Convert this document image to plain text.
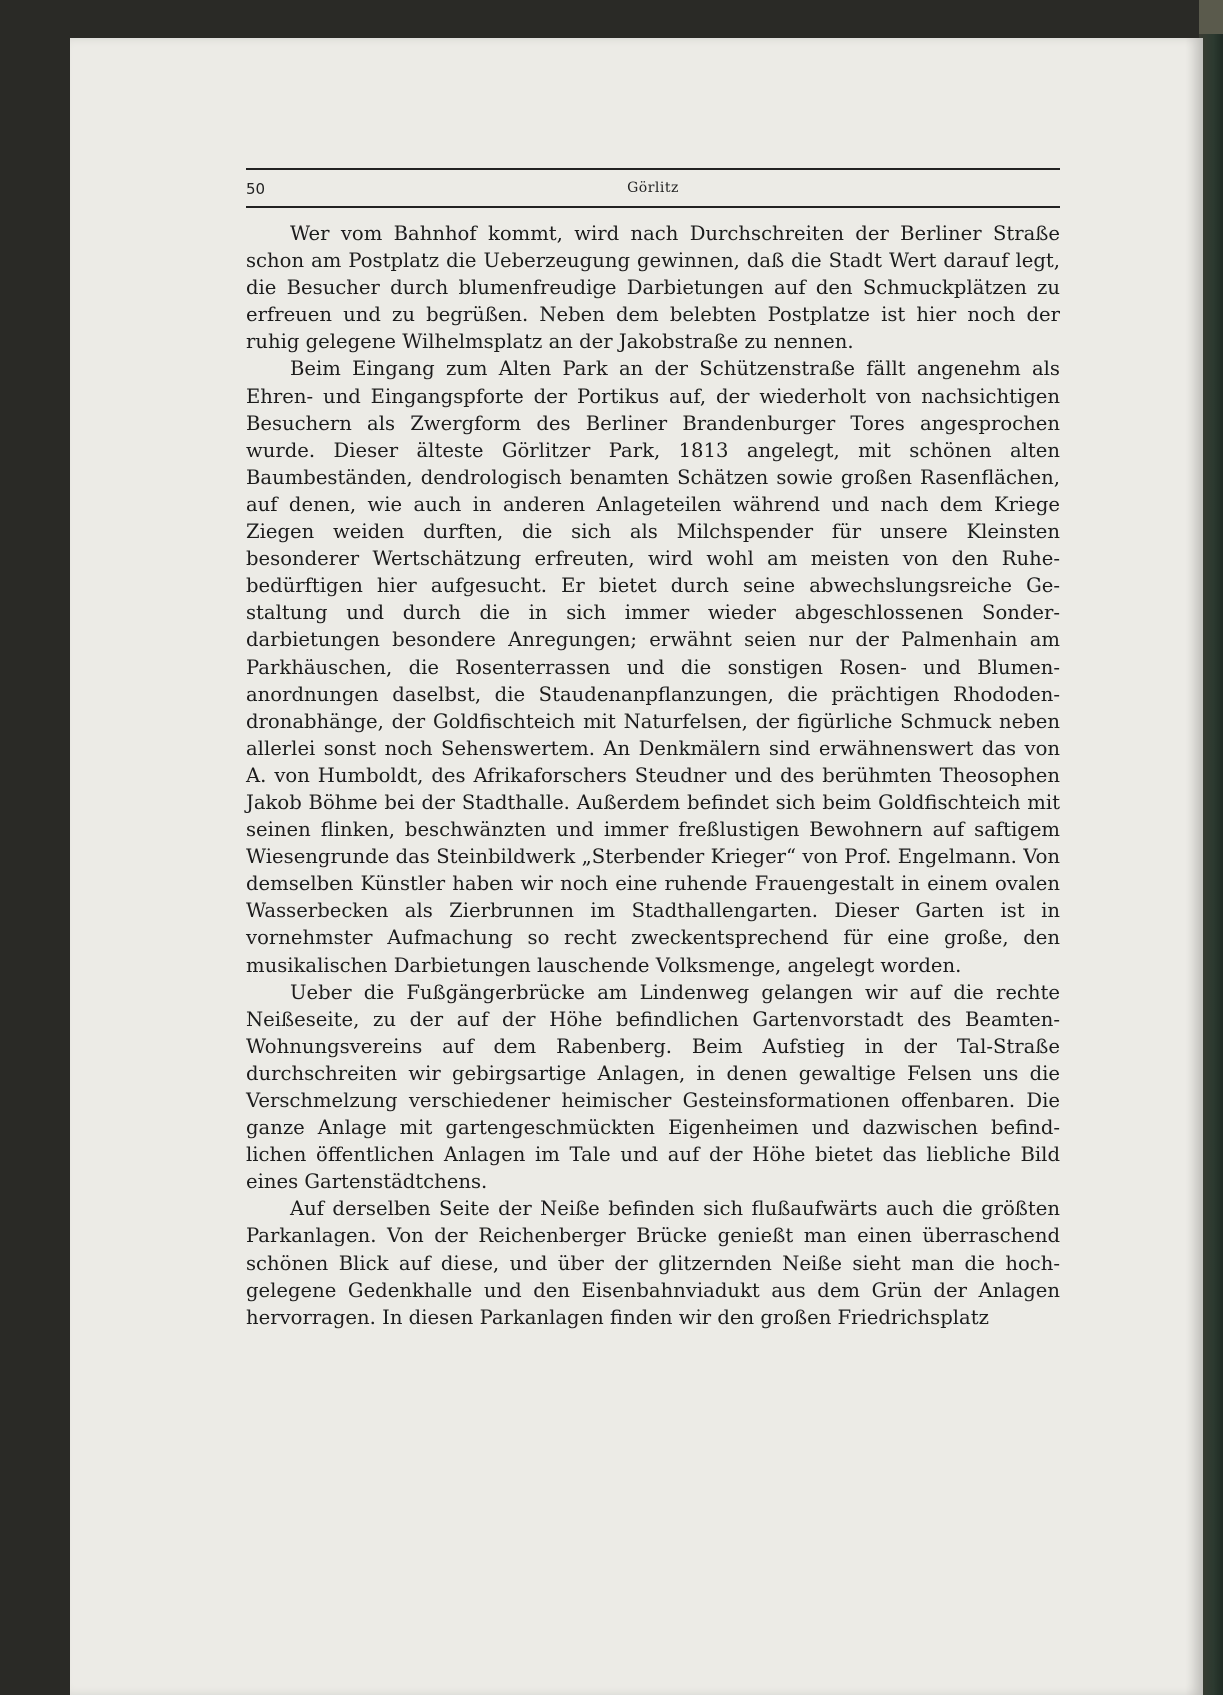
50	Görlitz

Wer vom Bahnhof kommt, wird nach Durchschreiten der Berliner Straße schon am Postplatz die Ueberzeugung gewinnen, daß die Stadt Wert darauf legt, die Besucher durch blumenfreudige Darbietungen auf den Schmuckplätzen zu erfreuen und zu begrüßen. Neben dem belebten Postplatze ist hier noch der ruhig gelegene Wilhelmsplatz an der Jakobstraße zu nennen.

Beim Eingang zum Alten Park an der Schützenstraße fällt angenehm als Ehren- und Eingangspforte der Portikus auf, der wiederholt von nachsichtigen Besuchern als Zwergform des Berliner Brandenburger Tores angesprochen wurde. Dieser älteste Görlitzer Park, 1813 angelegt, mit schönen alten Baumbeständen, dendrologisch benamten Schätzen sowie großen Rasenflächen, auf denen, wie auch in anderen Anlageteilen während und nach dem Kriege Ziegen weiden durften, die sich als Milchspender für unsere Kleinsten besonderer Wertschätzung erfreuten, wird wohl am meisten von den Ruhebedürftigen hier aufgesucht. Er bietet durch seine abwechslungsreiche Gestaltung und durch die in sich immer wieder abgeschlossenen Sonderdarbietungen besondere Anregungen; erwähnt seien nur der Palmenhain am Parkhäuschen, die Rosenterrassen und die sonstigen Rosen- und Blumenanordnungen daselbst, die Staudenanpflanzungen, die prächtigen Rhododendronabhänge, der Goldfischteich mit Naturfelsen, der figürliche Schmuck neben allerlei sonst noch Sehenswertem. An Denkmälern sind erwähnenswert das von A. von Humboldt, des Afrikaforschers Steudner und des berühmten Theosophen Jakob Böhme bei der Stadthalle. Außerdem befindet sich beim Goldfischteich mit seinen flinken, beschwänzten und immer freßlustigen Bewohnern auf saftigem Wiesengrunde das Steinbildwerk „Sterbender Krieger“ von Prof. Engelmann. Von demselben Künstler haben wir noch eine ruhende Frauengestalt in einem ovalen Wasserbecken als Zierbrunnen im Stadthallengarten. Dieser Garten ist in vornehmster Aufmachung so recht zweckentsprechend für eine große, den musikalischen Darbietungen lauschende Volksmenge, angelegt worden.

Ueber die Fußgängerbrücke am Lindenweg gelangen wir auf die rechte Neißeseite, zu der auf der Höhe befindlichen Gartenvorstadt des BeamtenWohnungsvereins auf dem Rabenberg. Beim Aufstieg in der Tal-Straße durchschreiten wir gebirgsartige Anlagen, in denen gewaltige Felsen uns die Verschmelzung verschiedener heimischer Gesteinsformationen offenbaren. Die ganze Anlage mit gartengeschmückten Eigenheimen und dazwischen befindlichen öffentlichen Anlagen im Tale und auf der Höhe bietet das liebliche Bild eines Gartenstädtchens.

Auf derselben Seite der Neiße befinden sich flußaufwärts auch die größten Parkanlagen. Von der Reichenberger Brücke genießt man einen überraschend schönen Blick auf diese, und über der glitzernden Neiße sieht man die hochgelegene Gedenkhalle und den Eisenbahnviadukt aus dem Grün der Anlagen hervorragen. In diesen Parkanlagen finden wir den großen Friedrichsplatz
